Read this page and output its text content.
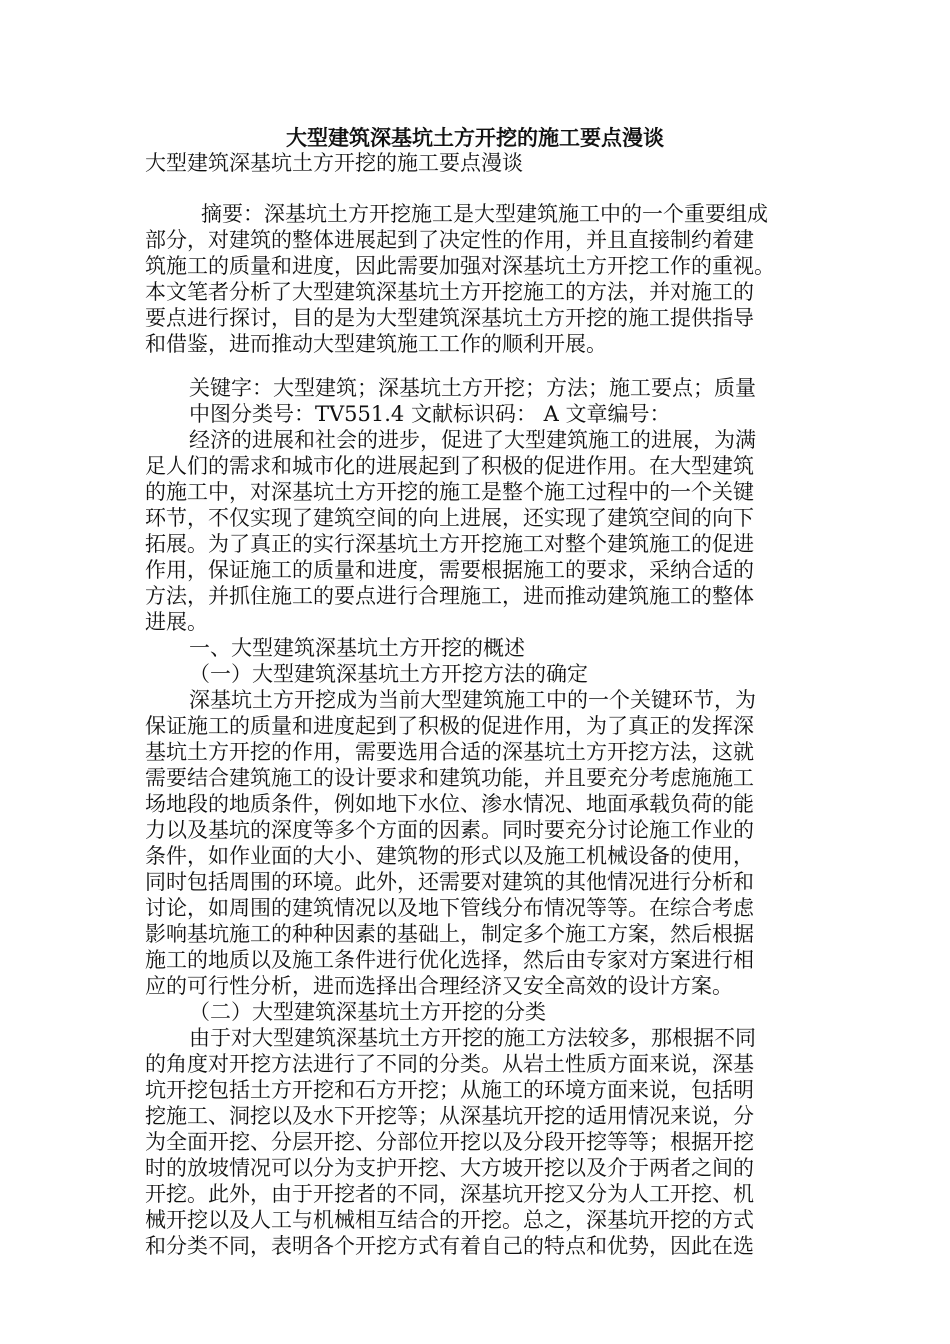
大型建筑深基坑土方开挖的施工要点漫谈
大型建筑深基坑土方开挖的施工要点漫谈
摘要：深基坑土方开挖施工是大型建筑施工中的一个重要组成
部分，对建筑的整体进展起到了决定性的作用，并且直接制约着建
筑施工的质量和进度，因此需要加强对深基坑土方开挖工作的重视。
本文笔者分析了大型建筑深基坑土方开挖施工的方法，并对施工的
要点进行探讨，目的是为大型建筑深基坑土方开挖的施工提供指导
和借鉴，进而推动大型建筑施工工作的顺利开展。
关键字：大型建筑；深基坑土方开挖；方法；施工要点；质量
中图分类号：TV551.4 文献标识码： A 文章编号：
经济的进展和社会的进步，促进了大型建筑施工的进展，为满
足人们的需求和城市化的进展起到了积极的促进作用。在大型建筑
的施工中，对深基坑土方开挖的施工是整个施工过程中的一个关键
环节，不仅实现了建筑空间的向上进展，还实现了建筑空间的向下
拓展。为了真正的实行深基坑土方开挖施工对整个建筑施工的促进
作用，保证施工的质量和进度，需要根据施工的要求，采纳合适的
方法，并抓住施工的要点进行合理施工，进而推动建筑施工的整体
进展。
一、大型建筑深基坑土方开挖的概述
（一）大型建筑深基坑土方开挖方法的确定
深基坑土方开挖成为当前大型建筑施工中的一个关键环节，为
保证施工的质量和进度起到了积极的促进作用，为了真正的发挥深
基坑土方开挖的作用，需要选用合适的深基坑土方开挖方法，这就
需要结合建筑施工的设计要求和建筑功能，并且要充分考虑施施工
场地段的地质条件，例如地下水位、渗水情况、地面承载负荷的能
力以及基坑的深度等多个方面的因素。同时要充分讨论施工作业的
条件，如作业面的大小、建筑物的形式以及施工机械设备的使用，
同时包括周围的环境。此外，还需要对建筑的其他情况进行分析和
讨论，如周围的建筑情况以及地下管线分布情况等等。在综合考虑
影响基坑施工的种种因素的基础上，制定多个施工方案，然后根据
施工的地质以及施工条件进行优化选择，然后由专家对方案进行相
应的可行性分析，进而选择出合理经济又安全高效的设计方案。
（二）大型建筑深基坑土方开挖的分类
由于对大型建筑深基坑土方开挖的施工方法较多，那根据不同
的角度对开挖方法进行了不同的分类。从岩土性质方面来说，深基
坑开挖包括土方开挖和石方开挖；从施工的环境方面来说，包括明
挖施工、洞挖以及水下开挖等；从深基坑开挖的适用情况来说，分
为全面开挖、分层开挖、分部位开挖以及分段开挖等等；根据开挖
时的放坡情况可以分为支护开挖、大方坡开挖以及介于两者之间的
开挖。此外，由于开挖者的不同，深基坑开挖又分为人工开挖、机
械开挖以及人工与机械相互结合的开挖。总之，深基坑开挖的方式
和分类不同，表明各个开挖方式有着自己的特点和优势，因此在选
